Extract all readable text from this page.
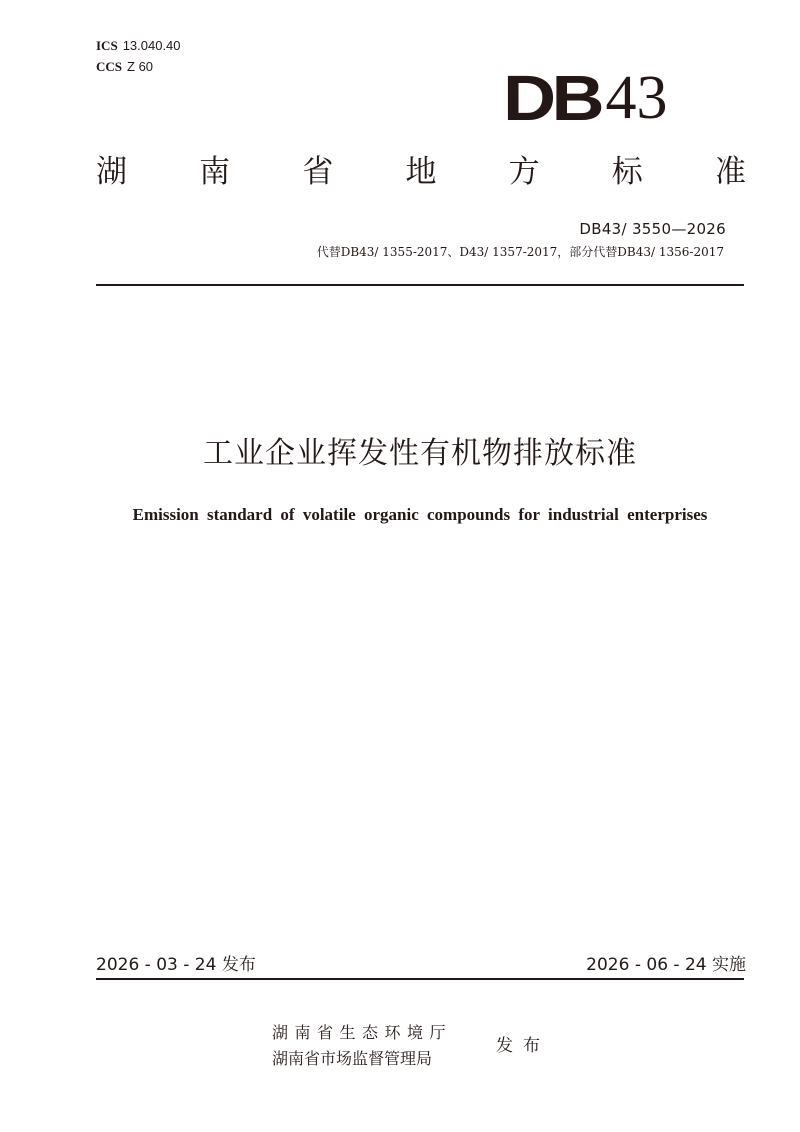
ICS 13.040.40
CCS Z 60	DB 43
湖 南 省 地 方 标 准
DB43/ 3550—2026
代替DB43/ 1355-2017、D43/ 1357-2017，部分代替DB43/ 1356-2017
工业企业挥发性有机物排放标准
Emission standard of volatile organic compounds for industrial enterprises
2026 - 03 - 24 发布	2026 - 06 - 24 实施
湖南省生态环境厅
湖南省市场监督管理局
发布
